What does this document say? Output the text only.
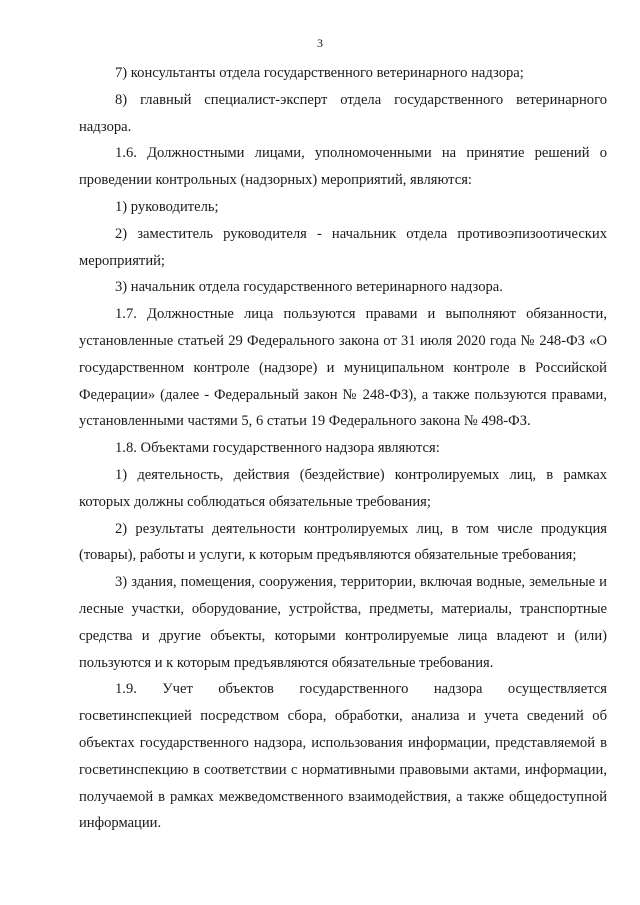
3

7) консультанты отдела государственного ветеринарного надзора;

8) главный специалист-эксперт отдела государственного ветеринарного надзора.

1.6. Должностными лицами, уполномоченными на принятие решений о проведении контрольных (надзорных) мероприятий, являются:

1) руководитель;

2) заместитель руководителя - начальник отдела противоэпизоотических мероприятий;

3) начальник отдела государственного ветеринарного надзора.

1.7. Должностные лица пользуются правами и выполняют обязанности, установленные статьей 29 Федерального закона от 31 июля 2020 года № 248-ФЗ «О государственном контроле (надзоре) и муниципальном контроле в Российской Федерации» (далее - Федеральный закон № 248-ФЗ), а также пользуются правами, установленными частями 5, 6 статьи 19 Федерального закона № 498-ФЗ.

1.8. Объектами государственного надзора являются:

1) деятельность, действия (бездействие) контролируемых лиц, в рамках которых должны соблюдаться обязательные требования;

2) результаты деятельности контролируемых лиц, в том числе продукция (товары), работы и услуги, к которым предъявляются обязательные требования;

3) здания, помещения, сооружения, территории, включая водные, земельные и лесные участки, оборудование, устройства, предметы, материалы, транспортные средства и другие объекты, которыми контролируемые лица владеют и (или) пользуются и к которым предъявляются обязательные требования.

1.9. Учет объектов государственного надзора осуществляется госветинспекцией посредством сбора, обработки, анализа и учета сведений об объектах государственного надзора, использования информации, представляемой в госветинспекцию в соответствии с нормативными правовыми актами, информации, получаемой в рамках межведомственного взаимодействия, а также общедоступной информации.
